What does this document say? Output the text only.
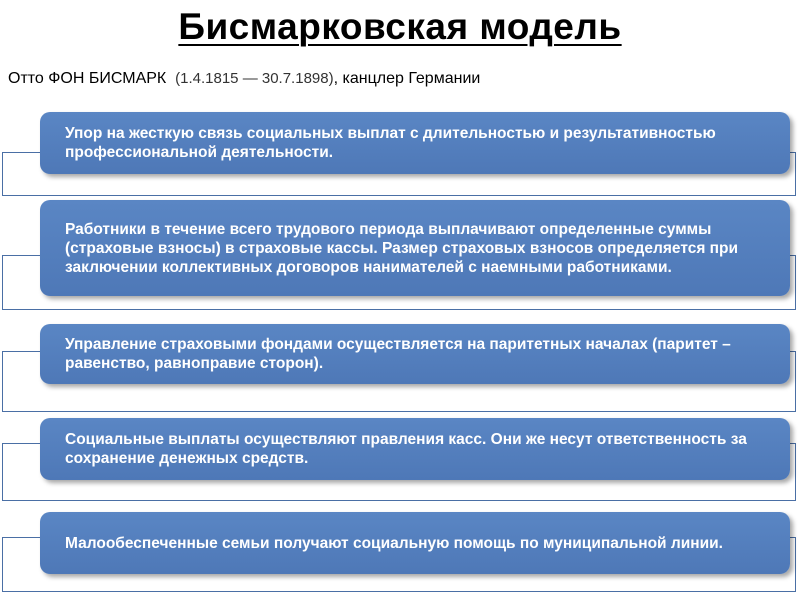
Бисмарковская модель
Отто ФОН БИСМАРК (1.4.1815 — 30.7.1898), канцлер Германии
Упор на жесткую связь социальных выплат с длительностью и результативностью профессиональной деятельности.
Работники в течение всего трудового периода выплачивают определенные суммы (страховые взносы) в страховые кассы. Размер страховых взносов определяется при заключении коллективных договоров нанимателей с наемными работниками.
Управление страховыми фондами осуществляется на паритетных началах (паритет – равенство, равноправие сторон).
Социальные выплаты осуществляют правления касс. Они же несут ответственность за сохранение денежных средств.
Малообеспеченные семьи получают социальную помощь по муниципальной линии.
